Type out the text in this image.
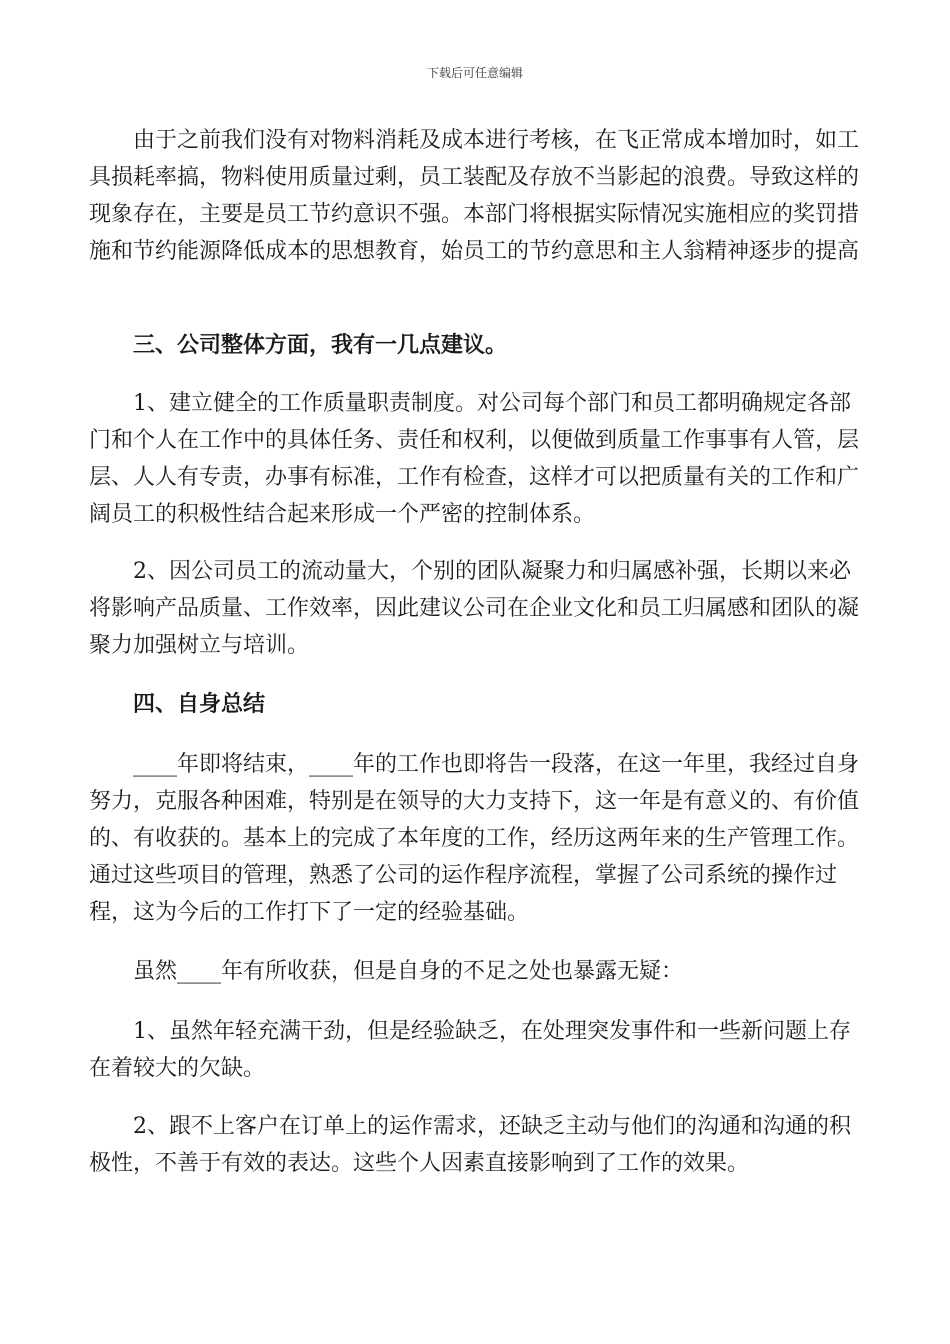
下载后可任意编辑

由于之前我们没有对物料消耗及成本进行考核，在飞正常成本增加时，如工具损耗率搞，物料使用质量过剩，员工装配及存放不当影起的浪费。导致这样的现象存在，主要是员工节约意识不强。本部门将根据实际情况实施相应的奖罚措施和节约能源降低成本的思想教育，始员工的节约意思和主人翁精神逐步的提高

三、公司整体方面，我有一几点建议。

1、建立健全的工作质量职责制度。对公司每个部门和员工都明确规定各部门和个人在工作中的具体任务、责任和权利，以便做到质量工作事事有人管，层层、人人有专责，办事有标准，工作有检查，这样才可以把质量有关的工作和广阔员工的积极性结合起来形成一个严密的控制体系。

2、因公司员工的流动量大，个别的团队凝聚力和归属感补强，长期以来必将影响产品质量、工作效率，因此建议公司在企业文化和员工归属感和团队的凝聚力加强树立与培训。

四、自身总结

____年即将结束，____年的工作也即将告一段落，在这一年里，我经过自身努力，克服各种困难，特别是在领导的大力支持下，这一年是有意义的、有价值的、有收获的。基本上的完成了本年度的工作，经历这两年来的生产管理工作。通过这些项目的管理，熟悉了公司的运作程序流程，掌握了公司系统的操作过程，这为今后的工作打下了一定的经验基础。

虽然____年有所收获，但是自身的不足之处也暴露无疑：

1、虽然年轻充满干劲，但是经验缺乏，在处理突发事件和一些新问题上存在着较大的欠缺。

2、跟不上客户在订单上的运作需求，还缺乏主动与他们的沟通和沟通的积极性，不善于有效的表达。这些个人因素直接影响到了工作的效果。
